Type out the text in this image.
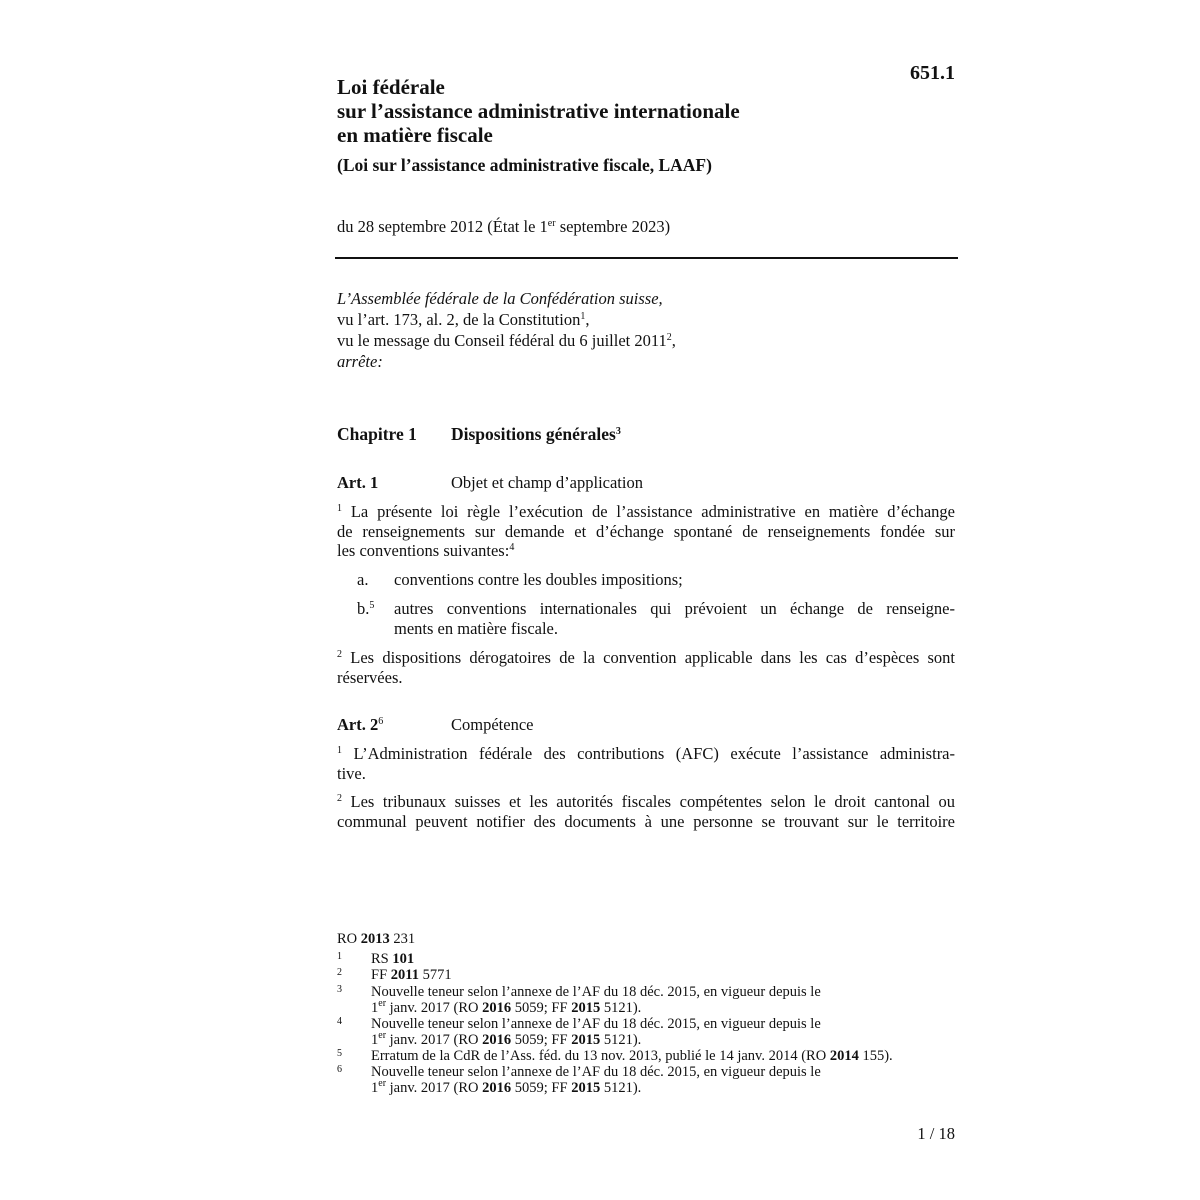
651.1
Loi fédérale
sur l’assistance administrative internationale
en matière fiscale
(Loi sur l’assistance administrative fiscale, LAAF)
du 28 septembre 2012 (État le 1er septembre 2023)
L’Assemblée fédérale de la Confédération suisse,
vu l’art. 173, al. 2, de la Constitution$^1$,
vu le message du Conseil fédéral du 6 juillet 2011$^2$,
arrête:
Chapitre 1 Dispositions générales$^3$
Art. 1	Objet et champ d’application
$^1$ La présente loi règle l’exécution de l’assistance administrative en matière d’échange
de renseignements sur demande et d’échange spontané de renseignements fondée sur
les conventions suivantes:$^4$
a. conventions contre les doubles impositions;
b.$^5$ autres conventions internationales qui prévoient un échange de renseigne-
ments en matière fiscale.
$^2$ Les dispositions dérogatoires de la convention applicable dans les cas d’espèces sont
réservées.
Art. $2^6$	Compétence
$^1$ L’Administration fédérale des contributions (AFC) exécute l’assistance administra-
tive.
$^2$ Les tribunaux suisses et les autorités fiscales compétentes selon le droit cantonal ou
communal peuvent notifier des documents à une personne se trouvant sur le territoire
RO 2013 231
1 RS 101
2 FF 2011 5771
3 Nouvelle teneur selon l’annexe de l’AF du 18 déc. 2015, en vigueur depuis le
1er janv. 2017 (RO 2016 5059; FF 2015 5121).
4 Nouvelle teneur selon l’annexe de l’AF du 18 déc. 2015, en vigueur depuis le
1er janv. 2017 (RO 2016 5059; FF 2015 5121).
5 Erratum de la CdR de l’Ass. féd. du 13 nov. 2013, publié le 14 janv. 2014 (RO 2014 155).
6 Nouvelle teneur selon l’annexe de l’AF du 18 déc. 2015, en vigueur depuis le
1er janv. 2017 (RO 2016 5059; FF 2015 5121).
1 / 18
